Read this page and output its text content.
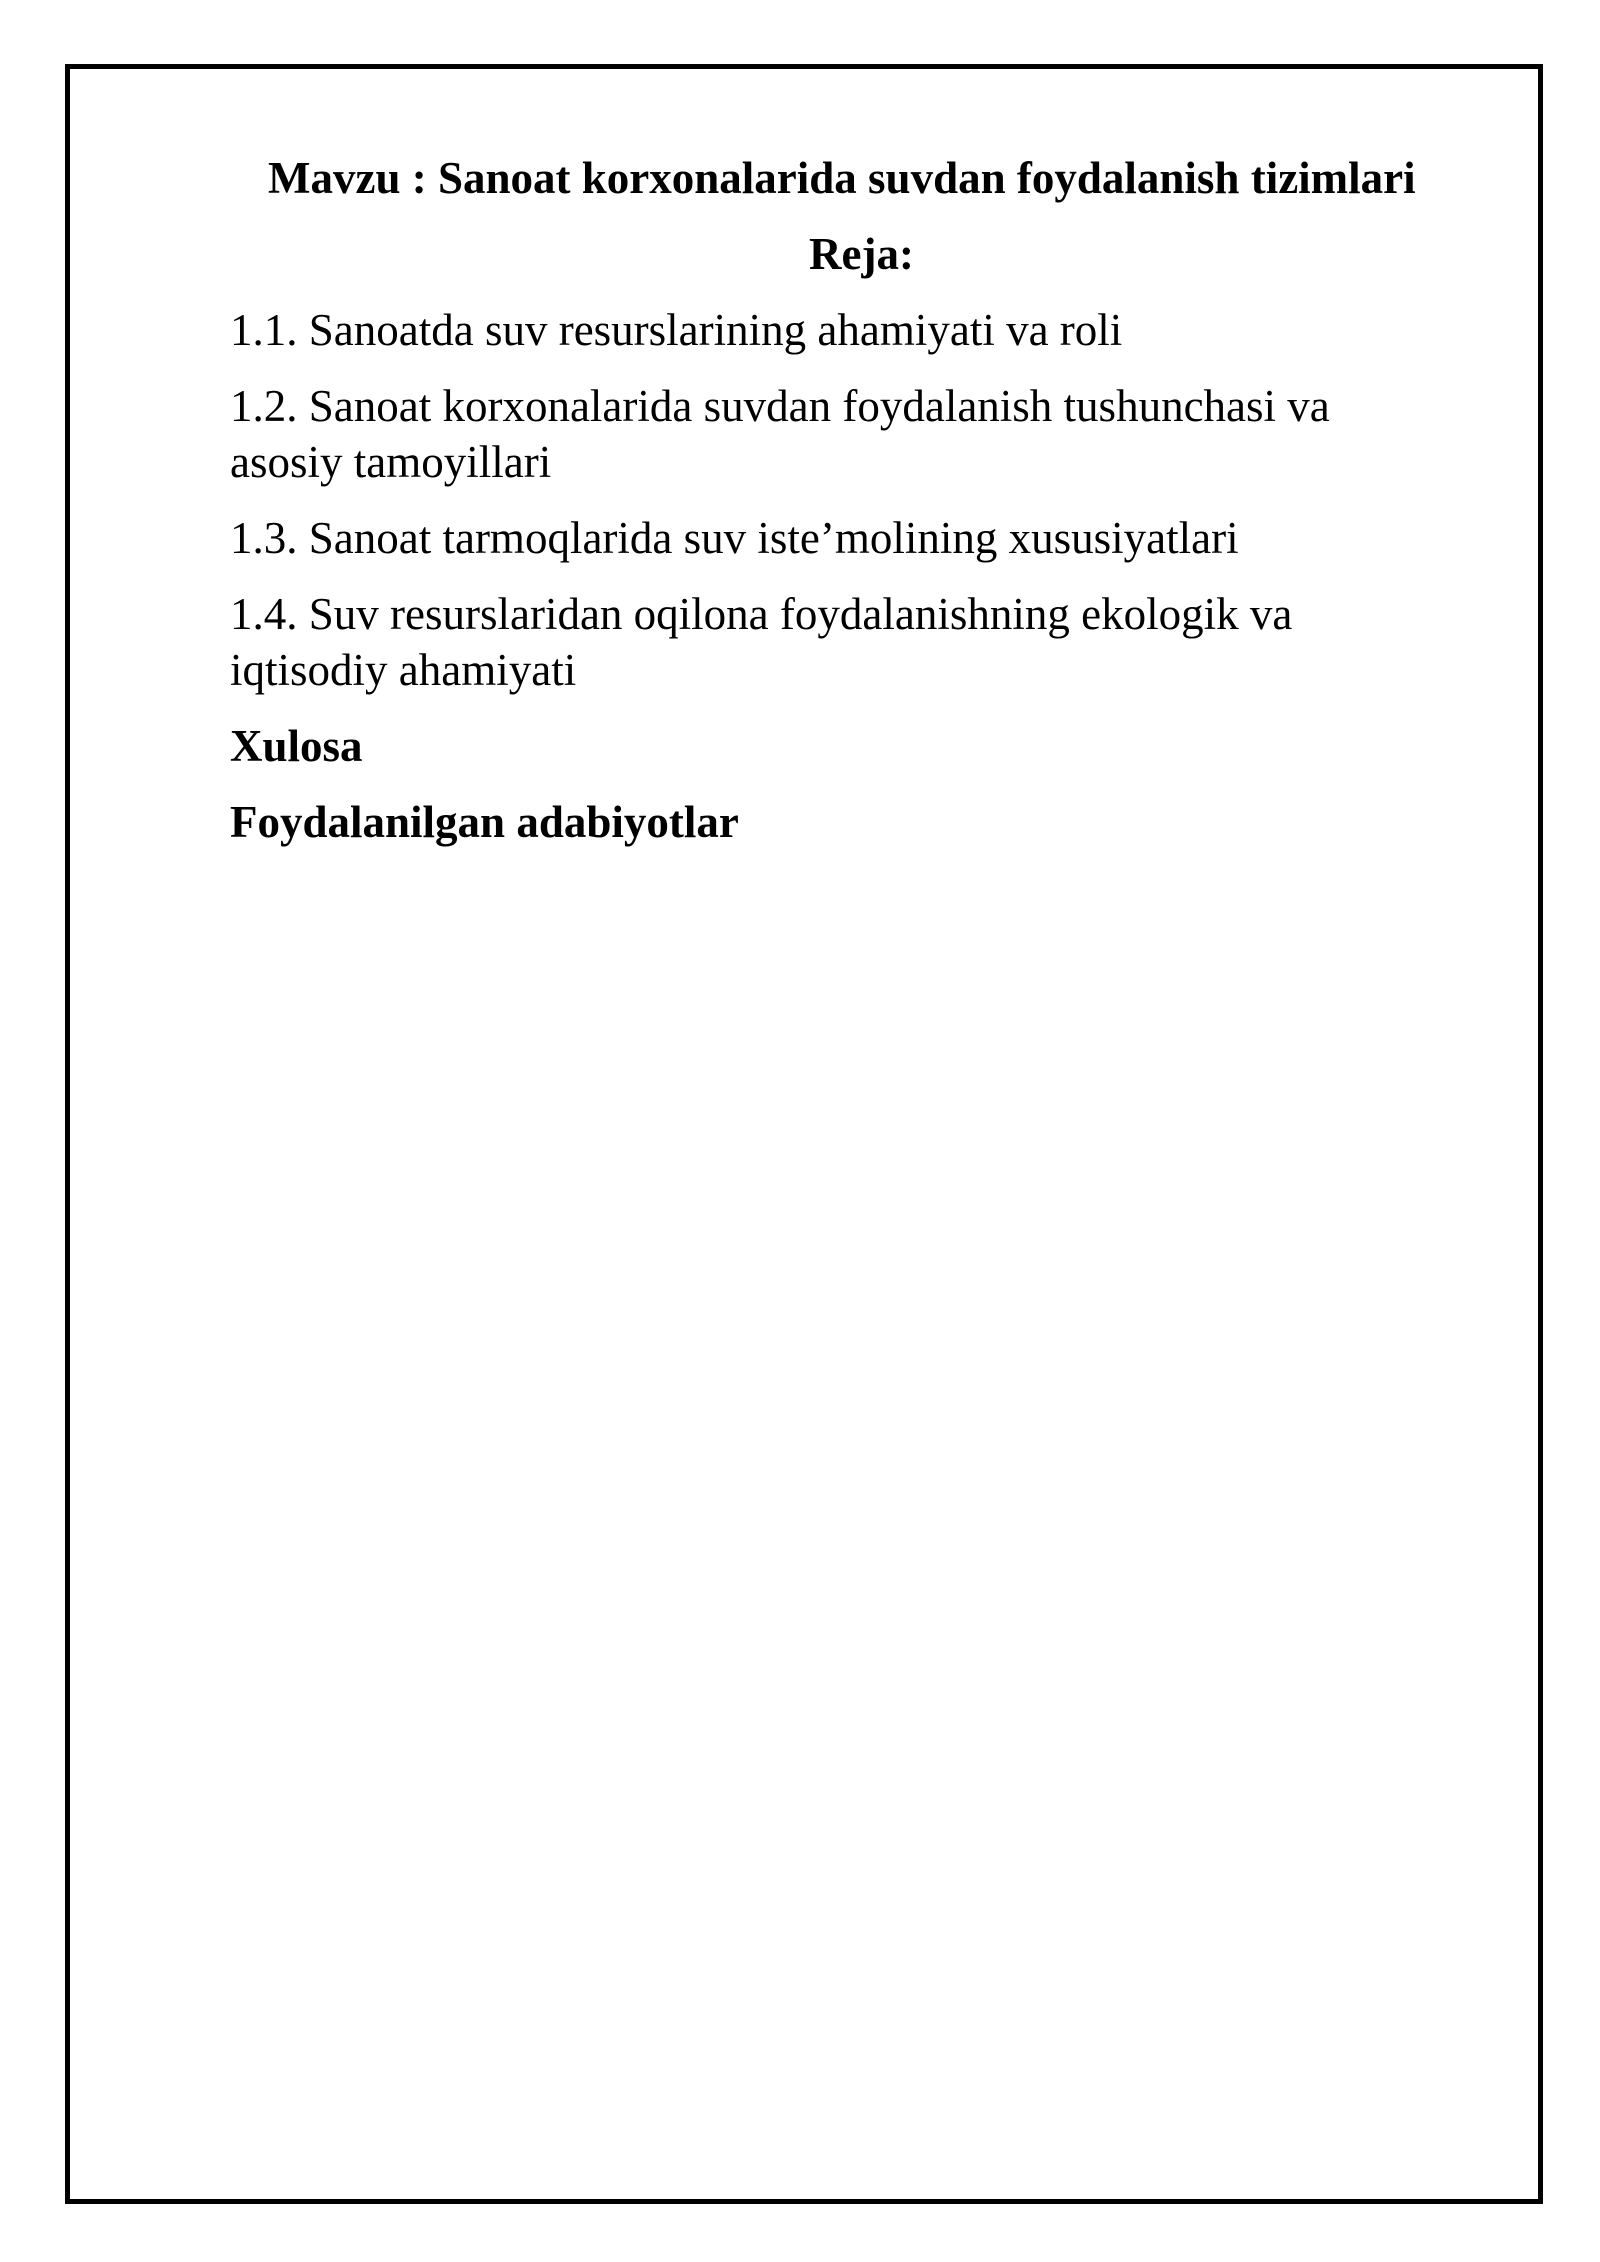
Mavzu : Sanoat korxonalarida suvdan foydalanish tizimlari

Reja:

1.1. Sanoatda suv resurslarining ahamiyati va roli
1.2. Sanoat korxonalarida suvdan foydalanish tushunchasi va asosiy tamoyillari
1.3. Sanoat tarmoqlarida suv iste’molining xususiyatlari
1.4. Suv resurslaridan oqilona foydalanishning ekologik va iqtisodiy ahamiyati

Xulosa

Foydalanilgan adabiyotlar
